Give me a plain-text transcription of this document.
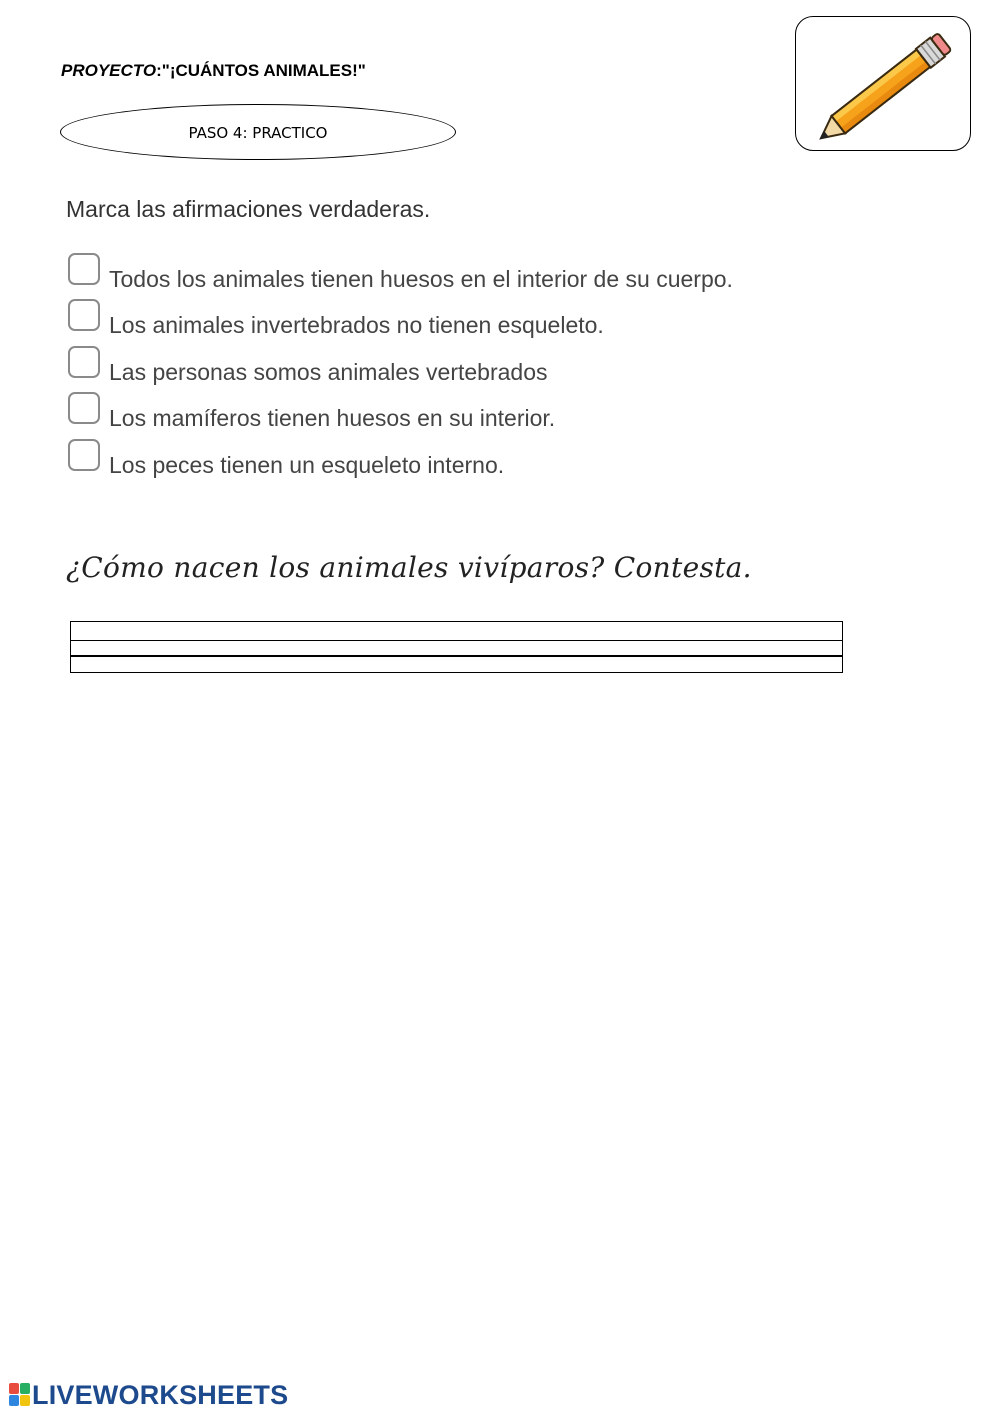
PROYECTO:"¡CUÁNTOS ANIMALES!"
PASO 4: PRACTICO
Marca las afirmaciones verdaderas.
Todos los animales tienen huesos en el interior de su cuerpo.
Los animales invertebrados no tienen esqueleto.
Las personas somos animales vertebrados
Los mamíferos tienen huesos en su interior.
Los peces tienen un esqueleto interno.
¿Cómo nacen los animales vivíparos? Contesta.
LIVEWORKSHEETS
